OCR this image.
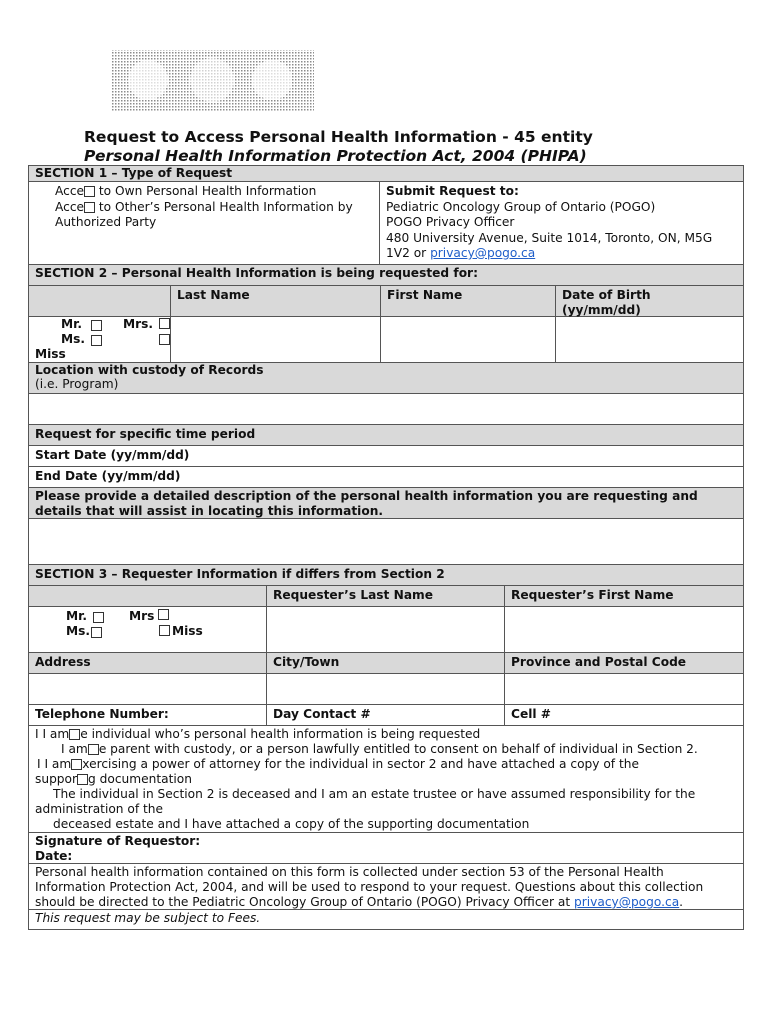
Request to Access Personal Health Information - 45 entity
Personal Health Information Protection Act, 2004 (PHIPA)
SECTION 1 – Type of Request
Acce to Own Personal Health Information
Acce to Other’s Personal Health Information by
Authorized Party
Submit Request to:
Pediatric Oncology Group of Ontario (POGO)
POGO Privacy Officer
480 University Avenue, Suite 1014, Toronto, ON, M5G
1V2 or privacy@pogo.ca
SECTION 2 – Personal Health Information is being requested for:
Last Name	First Name	Date of Birth
(yy/mm/dd)
Mr.	Mrs.
Ms.
Miss
Location with custody of Records
(i.e. Program)
Request for specific time period
Start Date (yy/mm/dd)
End Date (yy/mm/dd)
Please provide a detailed description of the personal health information you are requesting and details that will assist in locating this information.
SECTION 3 – Requester Information if differs from Section 2
Requester’s Last Name	Requester’s First Name
Mr.	Mrs
Ms.	Miss
Address	City/Town	Province and Postal Code
Telephone Number:	Day Contact #	Cell #
I I am e individual who’s personal health information is being requested
I am e parent with custody, or a person lawfully entitled to consent on behalf of individual in Section 2.
I I am xercising a power of attorney for the individual in sector 2 and have attached a copy of the
suppor g documentation
The individual in Section 2 is deceased and I am an estate trustee or have assumed responsibility for the
administration of the
deceased estate and I have attached a copy of the supporting documentation
Signature of Requestor:
Date:
Personal health information contained on this form is collected under section 53 of the Personal Health Information Protection Act, 2004, and will be used to respond to your request. Questions about this collection should be directed to the Pediatric Oncology Group of Ontario (POGO) Privacy Officer at privacy@pogo.ca.
This request may be subject to Fees.
